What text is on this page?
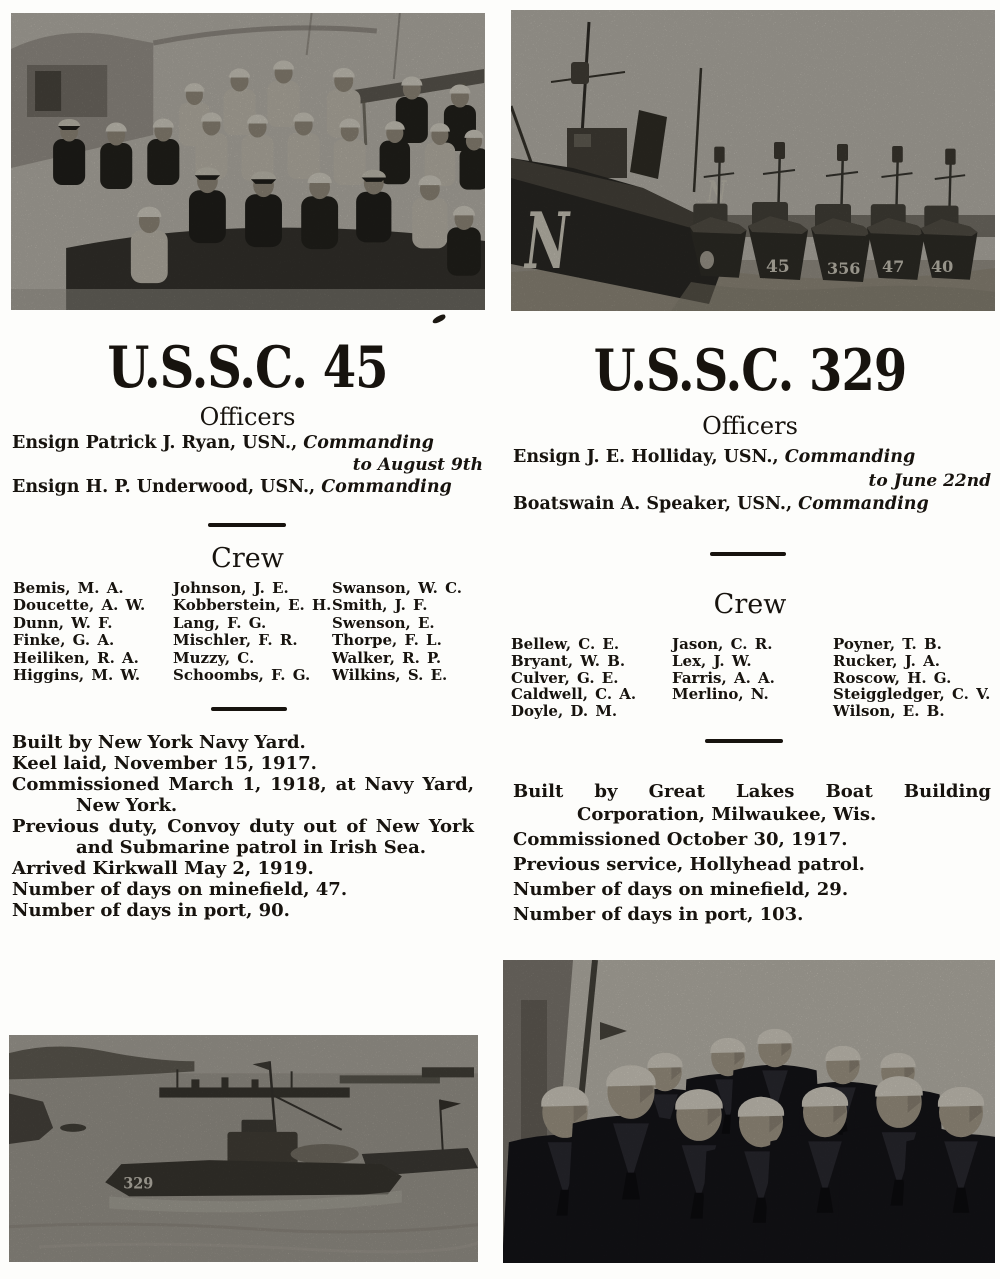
N
N
45 356 47 40
U.S.S.C. 45
Officers
Ensign Patrick J. Ryan, USN., Commanding
to August 9th
Ensign H. P. Underwood, USN., Commanding
Crew
Bemis, M. A.
Doucette, A. W.
Dunn, W. F.
Finke, G. A.
Heiliken, R. A.
Higgins, M. W.
Johnson, J. E.
Kobberstein, E. H.
Lang, F. G.
Mischler, F. R.
Muzzy, C.
Schoombs, F. G.
Swanson, W. C.
Smith, J. F.
Swenson, E.
Thorpe, F. L.
Walker, R. P.
Wilkins, S. E.

Built by New York Navy Yard.

Keel laid, November 15, 1917.

Commissioned March 1, 1918, at Navy Yard, New York.

Previous duty, Convoy duty out of New York and Submarine patrol in Irish Sea.

Arrived Kirkwall May 2, 1919.

Number of days on minefield, 47.

Number of days in port, 90.

U.S.S.C. 329
Officers
Ensign J. E. Holliday, USN., Commanding
to June 22nd
Boatswain A. Speaker, USN., Commanding
Crew
Bellew, C. E.
Bryant, W. B.
Culver, G. E.
Caldwell, C. A.
Doyle, D. M.
Jason, C. R.
Lex, J. W.
Farris, A. A.
Merlino, N.
Poyner, T. B.
Rucker, J. A.
Roscow, H. G.
Steiggledger, C. V.
Wilson, E. B.

Built by Great Lakes Boat Building Corporation, Milwaukee, Wis.

Commissioned October 30, 1917.

Previous service, Hollyhead patrol.

Number of days on minefield, 29.

Number of days in port, 103.

329
